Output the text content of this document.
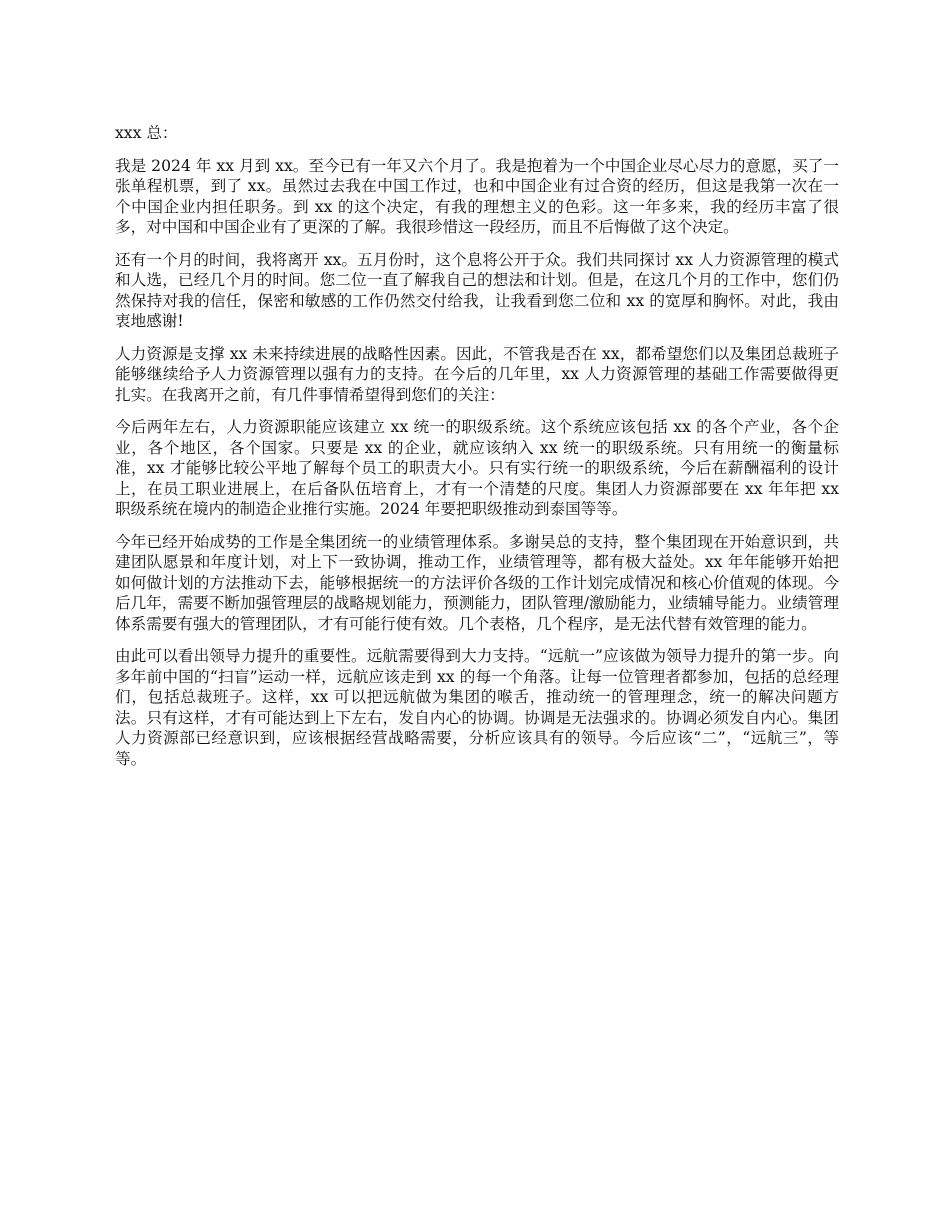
xxx 总：

我是 2024 年 xx 月到 xx。至今已有一年又六个月了。我是抱着为一个中国企业尽心尽力的意愿，买了一张单程机票，到了 xx。虽然过去我在中国工作过，也和中国企业有过合资的经历，但这是我第一次在一个中国企业内担任职务。到 xx 的这个决定，有我的理想主义的色彩。这一年多来，我的经历丰富了很多，对中国和中国企业有了更深的了解。我很珍惜这一段经历，而且不后悔做了这个决定。

还有一个月的时间，我将离开 xx。五月份时，这个息将公开于众。我们共同探讨 xx 人力资源管理的模式和人选，已经几个月的时间。您二位一直了解我自己的想法和计划。但是，在这几个月的工作中，您们仍然保持对我的信任，保密和敏感的工作仍然交付给我，让我看到您二位和 xx 的宽厚和胸怀。对此，我由衷地感谢!

人力资源是支撑 xx 未来持续进展的战略性因素。因此，不管我是否在 xx，都希望您们以及集团总裁班子能够继续给予人力资源管理以强有力的支持。在今后的几年里，xx 人力资源管理的基础工作需要做得更扎实。在我离开之前，有几件事情希望得到您们的关注：

今后两年左右，人力资源职能应该建立 xx 统一的职级系统。这个系统应该包括 xx 的各个产业，各个企业，各个地区，各个国家。只要是 xx 的企业，就应该纳入 xx 统一的职级系统。只有用统一的衡量标准，xx 才能够比较公平地了解每个员工的职责大小。只有实行统一的职级系统，今后在薪酬福利的设计上，在员工职业进展上，在后备队伍培育上，才有一个清楚的尺度。集团人力资源部要在 xx 年年把 xx 职级系统在境内的制造企业推行实施。2024 年要把职级推动到泰国等等。

今年已经开始成势的工作是全集团统一的业绩管理体系。多谢吴总的支持，整个集团现在开始意识到，共建团队愿景和年度计划，对上下一致协调，推动工作，业绩管理等，都有极大益处。xx 年年能够开始把如何做计划的方法推动下去，能够根据统一的方法评价各级的工作计划完成情况和核心价值观的体现。今后几年，需要不断加强管理层的战略规划能力，预测能力，团队管理/激励能力，业绩辅导能力。业绩管理体系需要有强大的管理团队，才有可能行使有效。几个表格，几个程序，是无法代替有效管理的能力。

由此可以看出领导力提升的重要性。远航需要得到大力支持。“远航一”应该做为领导力提升的第一步。向多年前中国的“扫盲”运动一样，远航应该走到 xx 的每一个角落。让每一位管理者都参加，包括的总经理们，包括总裁班子。这样，xx 可以把远航做为集团的喉舌，推动统一的管理理念，统一的解决问题方法。只有这样，才有可能达到上下左右，发自内心的协调。协调是无法强求的。协调必须发自内心。集团人力资源部已经意识到，应该根据经营战略需要，分析应该具有的领导。今后应该“二”，“远航三”，等等。
